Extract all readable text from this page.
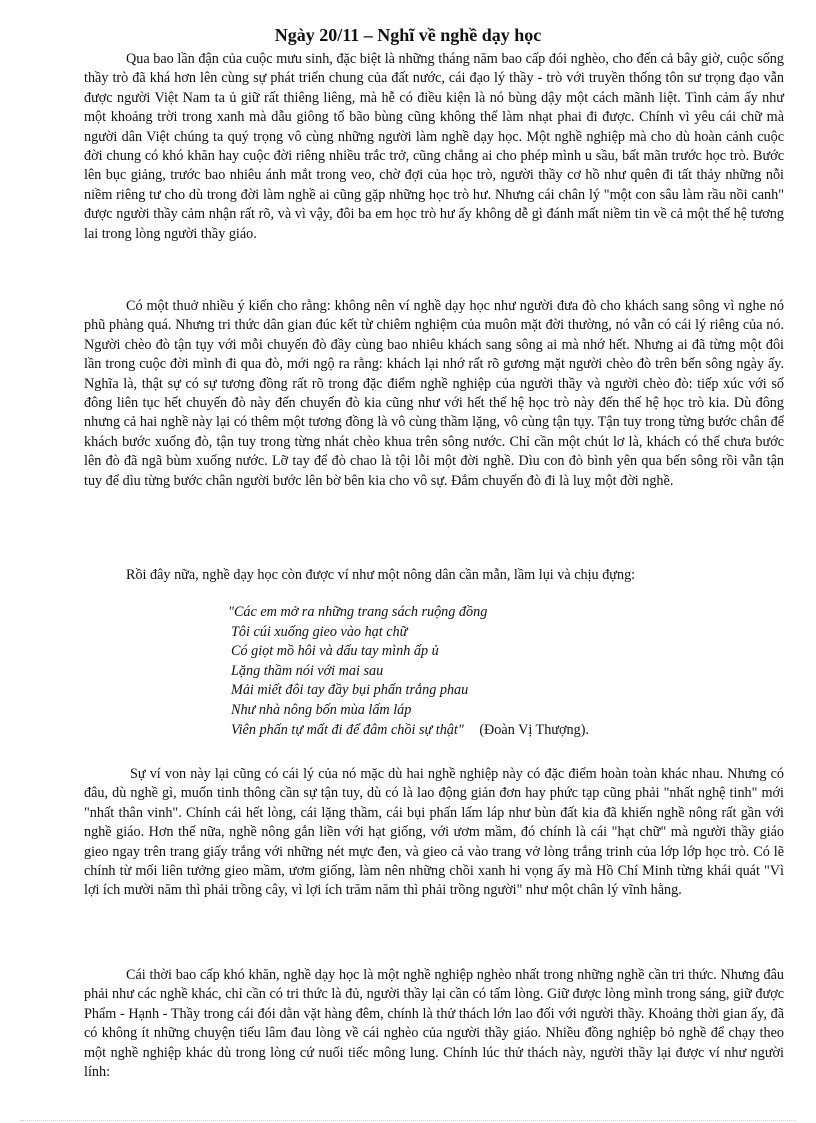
Ngày 20/11 – Nghĩ về nghề dạy học

Qua bao lần đận của cuộc mưu sinh, đặc biệt là những tháng năm bao cấp đói nghèo, cho đến cả bây giờ, cuộc sống thầy trò đã khá hơn lên cùng sự phát triển chung của đất nước, cái đạo lý thầy - trò với truyền thống tôn sư trọng đạo vẫn được người Việt Nam ta ủ giữ rất thiêng liêng, mà hễ có điều kiện là nó bùng dậy một cách mãnh liệt. Tình cảm ấy như một khoảng trời trong xanh mà dẫu giông tố bão bùng cũng không thể làm nhạt phai đi được. Chính vì yêu cái chữ mà người dân Việt chúng ta quý trọng vô cùng những người làm nghề dạy học. Một nghề nghiệp mà cho dù hoàn cảnh cuộc đời chung có khó khăn hay cuộc đời riêng nhiều trắc trở, cũng chẳng ai cho phép mình u sầu, bất mãn trước học trò. Bước lên bục giảng, trước bao nhiêu ánh mắt trong veo, chờ đợi của học trò, người thầy cơ hồ như quên đi tất thảy những nỗi niềm riêng tư cho dù trong đời làm nghề ai cũng gặp những học trò hư. Nhưng cái chân lý "một con sâu làm rầu nồi canh" được người thầy cảm nhận rất rõ, và vì vậy, đôi ba em học trò hư ấy không dễ gì đánh mất niềm tin về cả một thế hệ tương lai trong lòng người thầy giáo.

Có một thuở nhiều ý kiến cho rằng: không nên ví nghề dạy học như người đưa đò cho khách sang sông vì nghe nó phũ phàng quá. Nhưng tri thức dân gian đúc kết từ chiêm nghiệm của muôn mặt đời thường, nó vẫn có cái lý riêng của nó. Người chèo đò tận tụy với mỗi chuyến đò đầy cùng bao nhiêu khách sang sông ai mà nhớ hết. Nhưng ai đã từng một đôi lần trong cuộc đời mình đi qua đò, mới ngộ ra rằng: khách lại nhớ rất rõ gương mặt người chèo đò trên bến sông ngày ấy. Nghĩa là, thật sự có sự tương đồng rất rõ trong đặc điểm nghề nghiệp của người thầy và người chèo đò: tiếp xúc với số đông liên tục hết chuyến đò này đến chuyến đò kia cũng như với hết thế hệ học trò này đến thế hệ học trò kia. Dù đông nhưng cả hai nghề này lại có thêm một tương đồng là vô cùng thầm lặng, vô cùng tận tụy. Tận tuy trong từng bước chân để khách bước xuống đò, tận tuy trong từng nhát chèo khua trên sông nước. Chỉ cần một chút lơ là, khách có thể chưa bước lên đò đã ngã bùm xuống nước. Lỡ tay để đò chao là tội lỗi một đời nghề. Dìu con đò bình yên qua bến sông rồi vẫn tận tuy để dìu từng bước chân người bước lên bờ bên kia cho vô sự. Đắm chuyến đò đi là luỵ một đời nghề.

Rồi đây nữa, nghề dạy học còn được ví như một nông dân cần mẫn, lầm lụi và chịu đựng:

"Các em mở ra những trang sách ruộng đồng
Tôi cúi xuống gieo vào hạt chữ
Có giọt mồ hôi và dấu tay mình ấp ủ
Lặng thầm nói với mai sau
Mải miết đôi tay đầy bụi phấn trắng phau
Như nhà nông bốn mùa lấm láp
Viên phấn tự mất đi để đâm chồi sự thật" (Đoàn Vị Thượng).

Sự ví von này lại cũng có cái lý của nó mặc dù hai nghề nghiệp này có đặc điểm hoàn toàn khác nhau. Nhưng có đâu, dù nghề gì, muốn tinh thông cần sự tận tuy, dù có là lao động giản đơn hay phức tạp cũng phải "nhất nghệ tinh" mới "nhất thân vinh". Chính cái hết lòng, cái lặng thầm, cái bụi phấn lấm láp như bùn đất kia đã khiến nghề nông rất gần với nghề giáo. Hơn thế nữa, nghề nông gắn liền với hạt giống, với ươm mầm, đó chính là cái "hạt chữ" mà người thầy giáo gieo ngay trên trang giấy trắng với những nét mực đen, và gieo cả vào trang vở lòng trắng trinh của lớp lớp học trò. Có lẽ chính từ mối liên tưởng gieo mầm, ươm giống, làm nên những chồi xanh hi vọng ấy mà Hồ Chí Minh từng khái quát "Vì lợi ích mười năm thì phải trồng cây, vì lợi ích trăm năm thì phải trồng người" như một chân lý vĩnh hằng.

Cái thời bao cấp khó khăn, nghề dạy học là một nghề nghiệp nghèo nhất trong những nghề cần tri thức. Nhưng đâu phải như các nghề khác, chỉ cần có tri thức là đủ, người thầy lại cần có tấm lòng. Giữ được lòng mình trong sáng, giữ được Phẩm - Hạnh - Thầy trong cái đói dằn vặt hàng đêm, chính là thử thách lớn lao đối với người thầy. Khoảng thời gian ấy, đã có không ít những chuyện tiếu lâm đau lòng về cái nghèo của người thầy giáo. Nhiều đồng nghiệp bỏ nghề để chạy theo một nghề nghiệp khác dù trong lòng cứ nuối tiếc mông lung. Chính lúc thử thách này, người thầy lại được ví như người lính:
